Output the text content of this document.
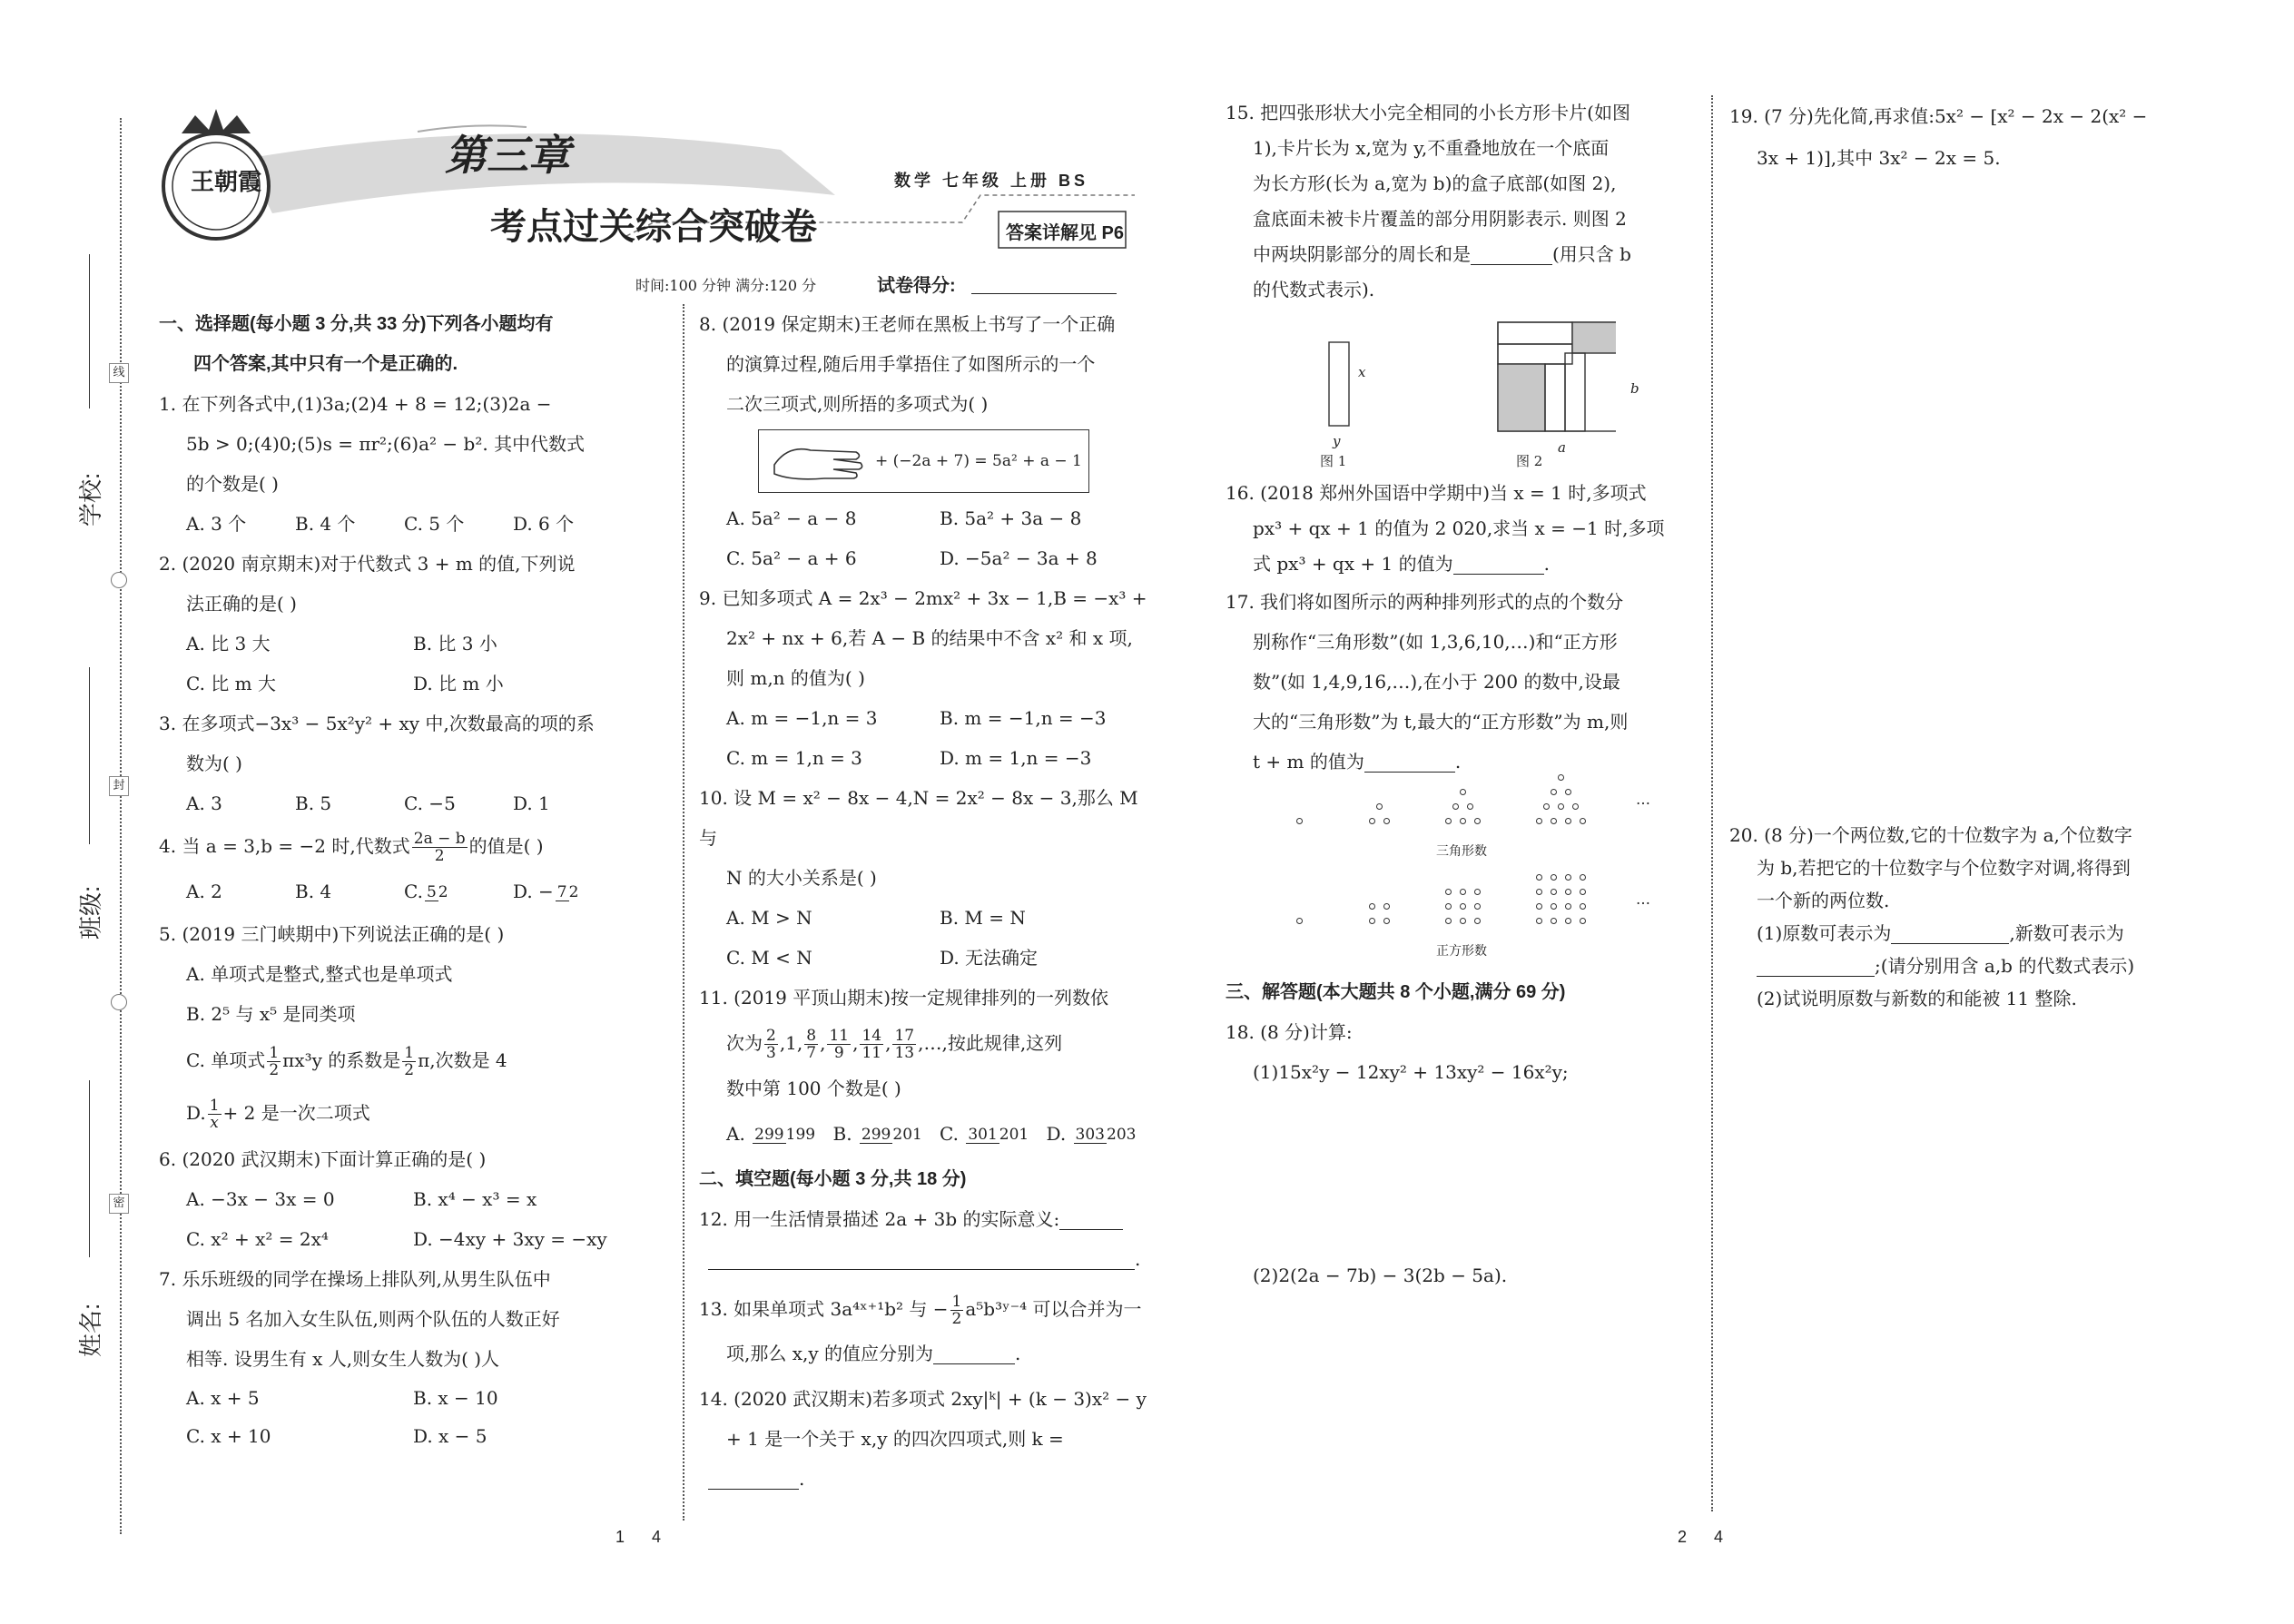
学校:
班级:
姓名:
线
封
密
王朝霞
第三章
考点过关综合突破卷
数学 七年级 上册 BS
答案详解见 P6
时间:100 分钟 满分:120 分	试卷得分:
一、选择题(每小题 3 分,共 33 分)下列各小题均有
四个答案,其中只有一个是正确的.
1. 在下列各式中,(1)3a;(2)4 + 8 = 12;(3)2a −
5b > 0;(4)0;(5)s = πr²;(6)a² − b². 其中代数式
的个数是( )
A. 3 个	B. 4 个	C. 5 个	D. 6 个
2. (2020 南京期末)对于代数式 3 + m 的值,下列说
法正确的是( )
A. 比 3 大	B. 比 3 小
C. 比 m 大	D. 比 m 小
3. 在多项式−3x³ − 5x²y² + xy 中,次数最高的项的系
数为( )
A. 3	B. 5	C. −5	D. 1
4. 当 a = 3,b = −2 时,代数式 $\frac{2a - b}{2}$ 的值是( )
A. 2	B. 4	C. 5 2	D. − 7 2
5. (2019 三门峡期中)下列说法正确的是( )
A. 单项式是整式,整式也是单项式
B. 2⁵ 与 x⁵ 是同类项
C. 单项式 $\frac{1}{2} \pi x^3y$ 的系数是 $\frac{1}{2} \pi$,次数是 4
D. $\frac{1}{x} + 2$ 是一次二项式
6. (2020 武汉期末)下面计算正确的是( )
A. −3x − 3x = 0	B. x⁴ − x³ = x
C. x² + x² = 2x⁴	D. −4xy + 3xy = −xy
7. 乐乐班级的同学在操场上排队列,从男生队伍中
调出 5 名加入女生队伍,则两个队伍的人数正好
相等. 设男生有 x 人,则女生人数为( )人
A. x + 5	B. x − 10
C. x + 10	D. x − 5
8. (2019 保定期末)王老师在黑板上书写了一个正确
的演算过程,随后用手掌捂住了如图所示的一个
二次三项式,则所捂的多项式为( )
+ (−2a + 7) = 5a² + a − 1
A. 5a² − a − 8	B. 5a² + 3a − 8
C. 5a² − a + 6	D. −5a² − 3a + 8
9. 已知多项式 A = 2x³ − 2mx² + 3x − 1,B = −x³ +
2x² + nx + 6,若 A − B 的结果中不含 x² 和 x 项,
则 m,n 的值为( )
A. m = −1,n = 3	B. m = −1,n = −3
C. m = 1,n = 3	D. m = 1,n = −3
10. 设 M = x² − 8x − 4,N = 2x² − 8x − 3,那么 M 与
N 的大小关系是( )
A. M > N	B. M = N
C. M < N	D. 无法确定
11. (2019 平顶山期末)按一定规律排列的一列数依
次为 $\frac{2}{3} ,1$, $\frac{8}{7}$ , $\frac{11}{9}$ , $\frac{14}{11}$ , $\frac{17}{13}$ ,…,按此规律,这列
数中第 100 个数是( )
A. 299 199 B. 299 201 C. 301 201 D. 303 203
二、填空题(每小题 3 分,共 18 分)
12. 用一生活情景描述 2a + 3b 的实际意义:
.
13. 如果单项式 3a⁴ˣ⁺¹b² 与 − $\frac{1}{2}$ a⁵b³ʸ⁻⁴ 可以合并为一
项,那么 x,y 的值应分别为	.
14. (2020 武汉期末)若多项式 2xy|ᵏ| + (k − 3)x² − y
+ 1 是一个关于 x,y 的四次四项式,则 k =
.
1      4
15. 把四张形状大小完全相同的小长方形卡片(如图
1),卡片长为 x,宽为 y,不重叠地放在一个底面
为长方形(长为 a,宽为 b)的盒子底部(如图 2),
盒底面未被卡片覆盖的部分用阴影表示. 则图 2
中两块阴影部分的周长和是	(用只含 b
的代数式表示).
x
y	a
b
图 1	图 2
16. (2018 郑州外国语中学期中)当 x = 1 时,多项式
px³ + qx + 1 的值为 2 020,求当 x = −1 时,多项
式 px³ + qx + 1 的值为	.
17. 我们将如图所示的两种排列形式的点的个数分
别称作“三角形数”(如 1,3,6,10,…)和“正方形
数”(如 1,4,9,16,…),在小于 200 的数中,设最
大的“三角形数”为 t,最大的“正方形数”为 m,则
t + m 的值为	.
三角形数
正方形数
…
…
三、解答题(本大题共 8 个小题,满分 69 分)
18. (8 分)计算:
(1)15x²y − 12xy² + 13xy² − 16x²y;
(2)2(2a − 7b) − 3(2b − 5a).
19. (7 分)先化简,再求值:5x² − [x² − 2x − 2(x² −
3x + 1)],其中 3x² − 2x = 5.
20. (8 分)一个两位数,它的十位数字为 a,个位数字
为 b,若把它的十位数字与个位数字对调,将得到
一个新的两位数.
(1)原数可表示为	,新数可表示为
;(请分别用含 a,b 的代数式表示)
(2)试说明原数与新数的和能被 11 整除.
2      4
